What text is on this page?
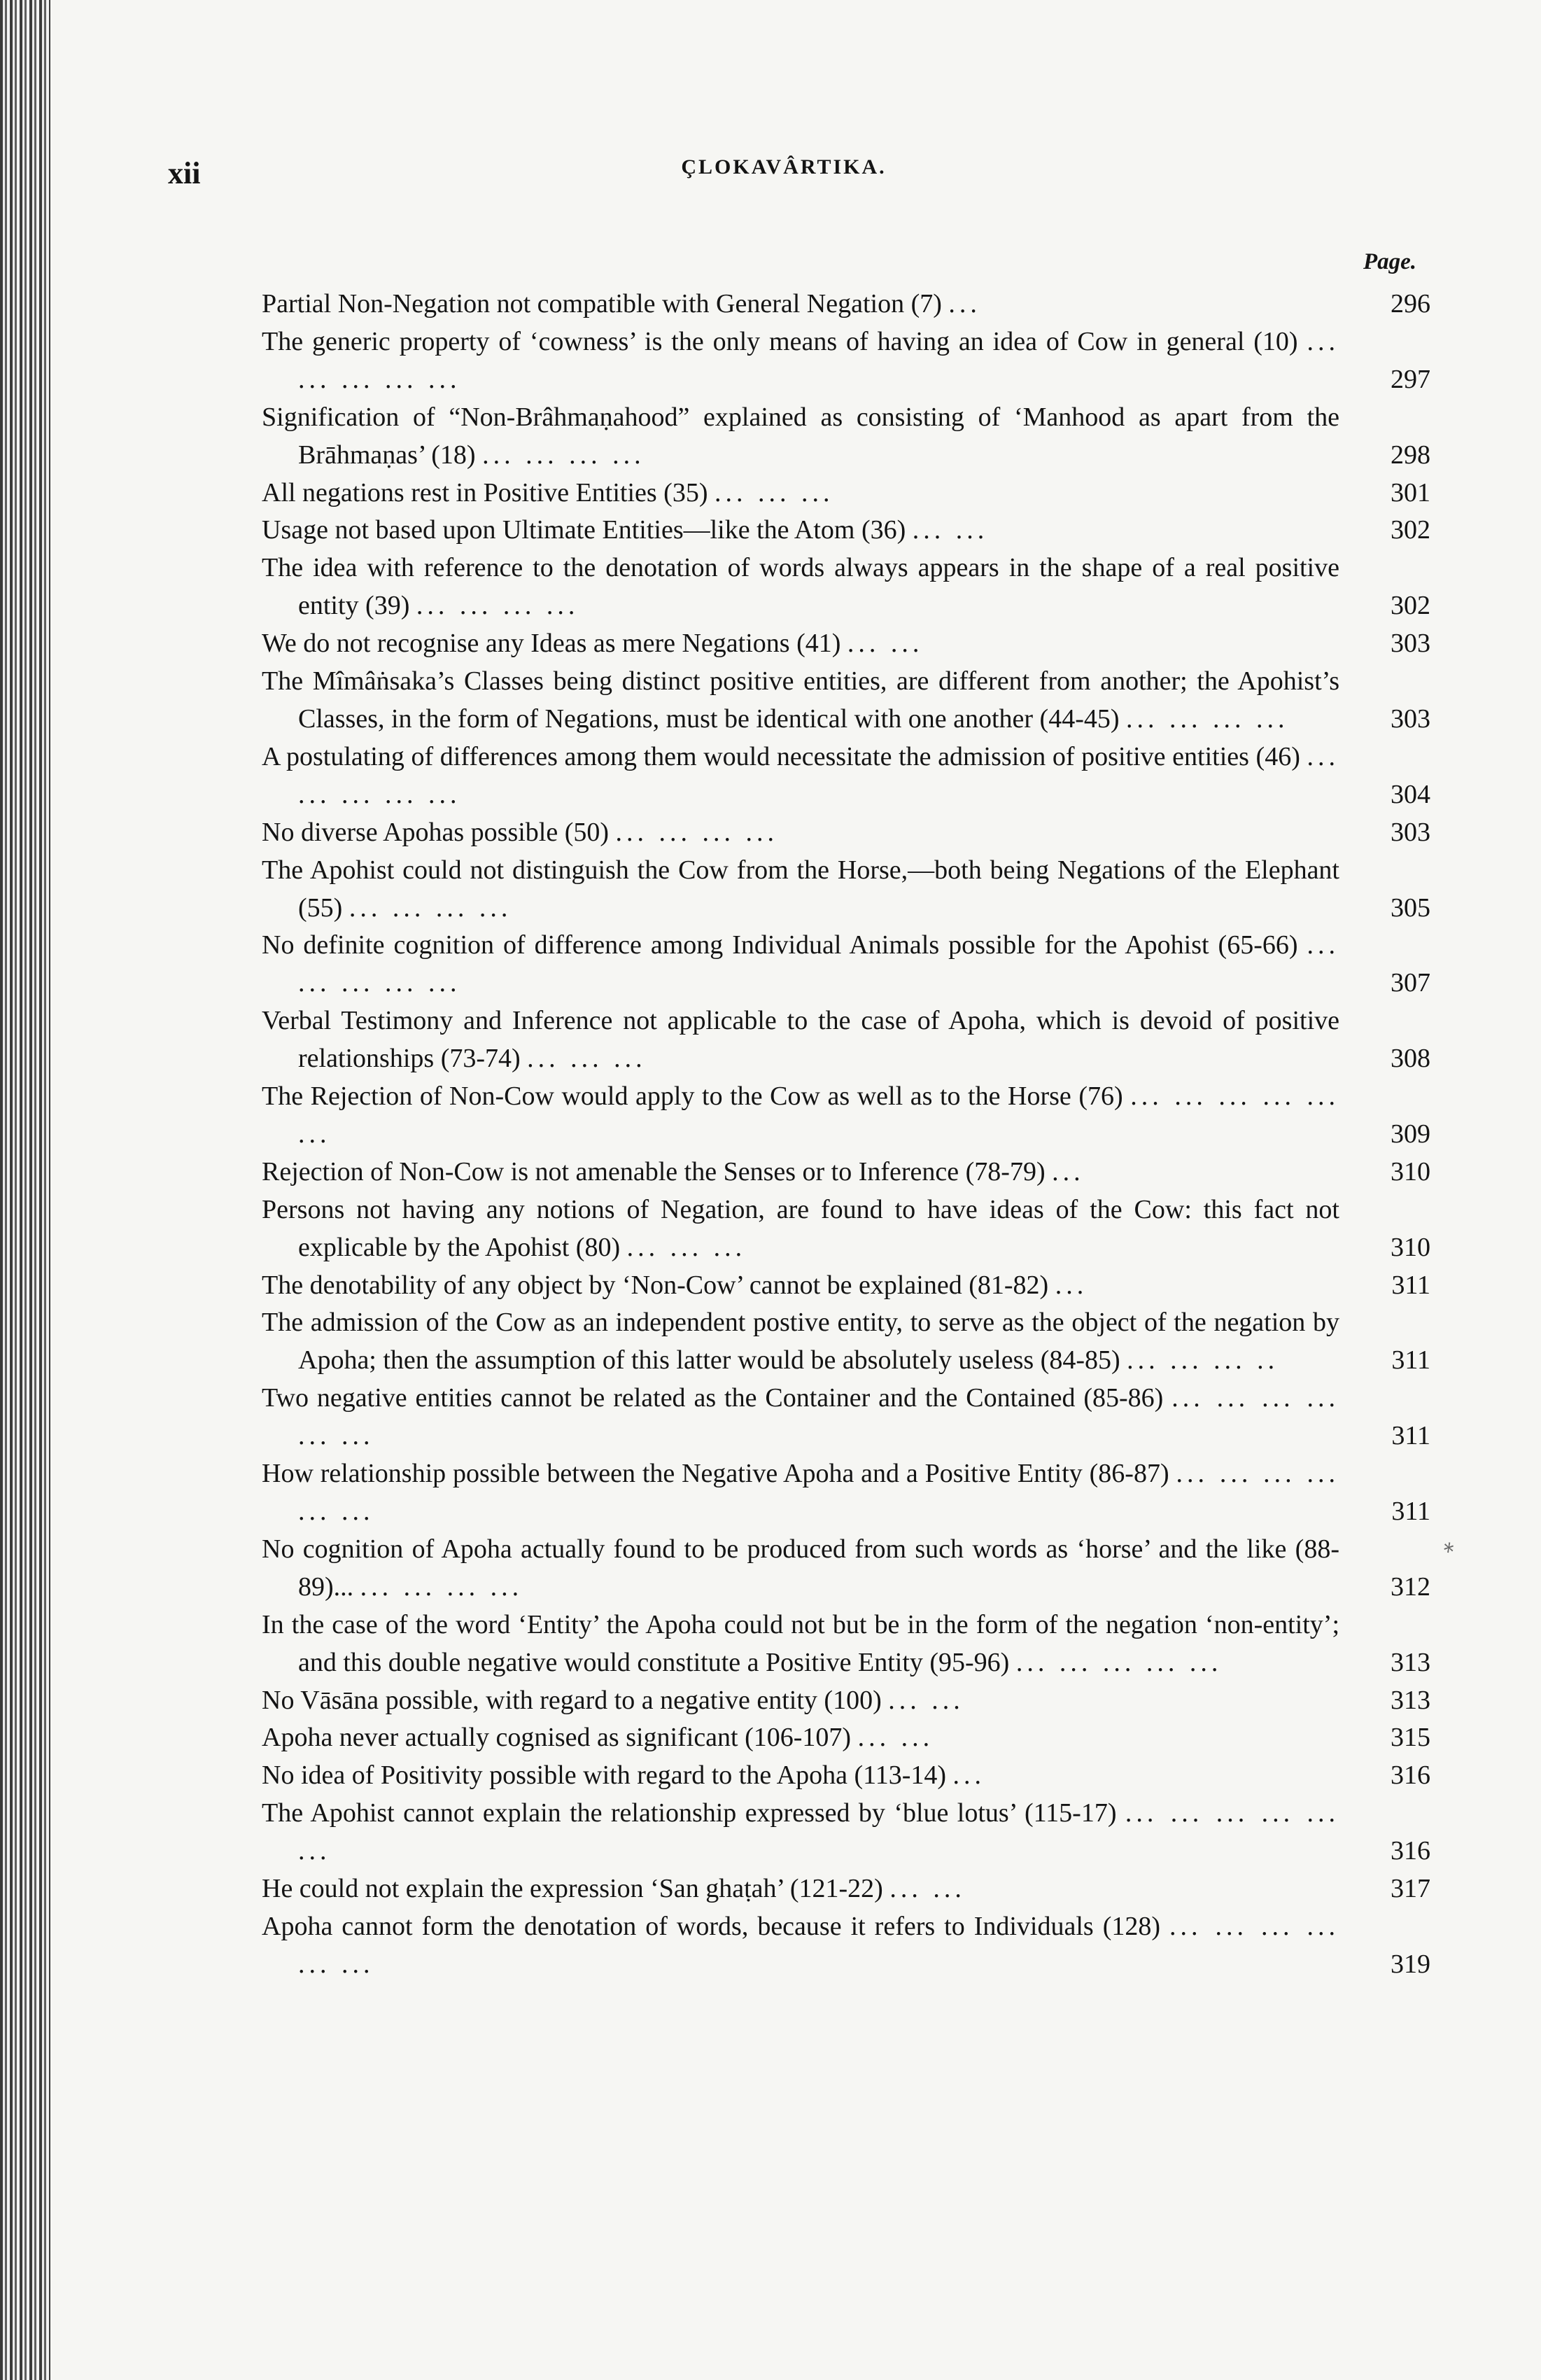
xii	ÇLOKAVÂRTIKA.
Page.
Partial Non-Negation not compatible with General Negation (7) ...	296
The generic property of ‘cowness’ is the only means of having an idea of Cow in general (10) ... ... ... ... ...	297
Signification of “Non-Brâhmaṇahood” explained as consisting of ‘Manhood as apart from the Brāhmaṇas’ (18) ... ... ... ...	298
All negations rest in Positive Entities (35) ... ... ...	301
Usage not based upon Ultimate Entities—like the Atom (36) ... ...	302
The idea with reference to the denotation of words always appears in the shape of a real positive entity (39) ... ... ... ...	302
We do not recognise any Ideas as mere Negations (41) ... ...	303
The Mîmâṅsaka’s Classes being distinct positive entities, are different from another; the Apohist’s Classes, in the form of Negations, must be identical with one another (44-45) ... ... ... ...	303
A postulating of differences among them would necessitate the admission of positive entities (46) ... ... ... ... ...	304
No diverse Apohas possible (50) ... ... ... ...	303
The Apohist could not distinguish the Cow from the Horse,—both being Negations of the Elephant (55) ... ... ... ...	305
No definite cognition of difference among Individual Animals possible for the Apohist (65-66) ... ... ... ... ...	307
Verbal Testimony and Inference not applicable to the case of Apoha, which is devoid of positive relationships (73-74) ... ... ...	308
The Rejection of Non-Cow would apply to the Cow as well as to the Horse (76) ... ... ... ... ... ...	309
Rejection of Non-Cow is not amenable the Senses or to Inference (78-79) ...	310
Persons not having any notions of Negation, are found to have ideas of the Cow: this fact not explicable by the Apohist (80) ... ... ...	310
The denotability of any object by ‘Non-Cow’ cannot be explained (81-82) ...	311
The admission of the Cow as an independent postive entity, to serve as the object of the negation by Apoha; then the assumption of this latter would be absolutely useless (84-85) ... ... ... ..	311
Two negative entities cannot be related as the Container and the Contained (85-86) ... ... ... ... ... ...	311
How relationship possible between the Negative Apoha and a Positive Entity (86-87) ... ... ... ... ... ...	311
No cognition of Apoha actually found to be produced from such words as ‘horse’ and the like (88-89)... ... ... ... ...	312
In the case of the word ‘Entity’ the Apoha could not but be in the form of the negation ‘non-entity’; and this double negative would constitute a Positive Entity (95-96) ... ... ... ... ...	313
No Vāsāna possible, with regard to a negative entity (100) ... ...	313
Apoha never actually cognised as significant (106-107) ... ...	315
No idea of Positivity possible with regard to the Apoha (113-14) ...	316
The Apohist cannot explain the relationship expressed by ‘blue lotus’ (115-17) ... ... ... ... ... ...	316
He could not explain the expression ‘San ghaṭah’ (121-22) ... ...	317
Apoha cannot form the denotation of words, because it refers to Individuals (128) ... ... ... ... ... ...	319
⁎
